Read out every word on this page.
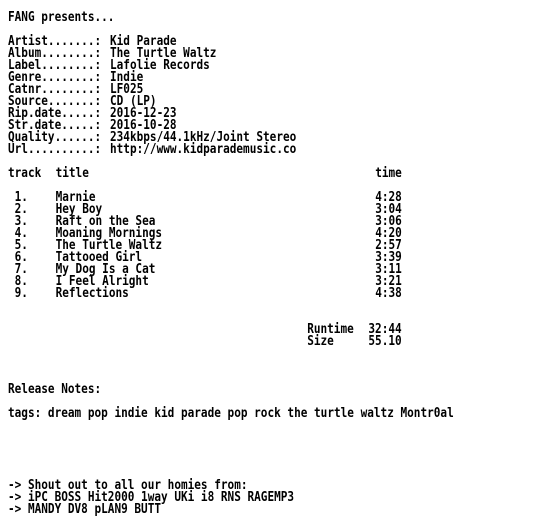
FANG presents...
Artist.......: Kid Parade
Album........: The Turtle Waltz
Label........: Lafolie Records
Genre........: Indie
Catnr........: LF025
Source.......: CD (LP)
Rip.date.....: 2016-12-23
Str.date.....: 2016-10-28
Quality......: 234kbps/44.1kHz/Joint Stereo
Url..........: http://www.kidparademusic.co
track title	time
1. Marnie	4:28
2. Hey Boy	3:04
3. Raft on the Sea	3:06
4. Moaning Mornings	4:20
5. The Turtle Waltz	2:57
6. Tattooed Girl	3:39
7. My Dog Is a Cat	3:11
8. I Feel Alright	3:21
9. Reflections	4:38
Runtime 32:44
Size	55.10
Release Notes:
tags: dream pop indie kid parade pop rock the turtle waltz Montr0al
-> Shout out to all our homies from:
-> iPC BOSS Hit2000 1way UKi i8 RNS RAGEMP3
-> MANDY DV8 pLAN9 BUTT
